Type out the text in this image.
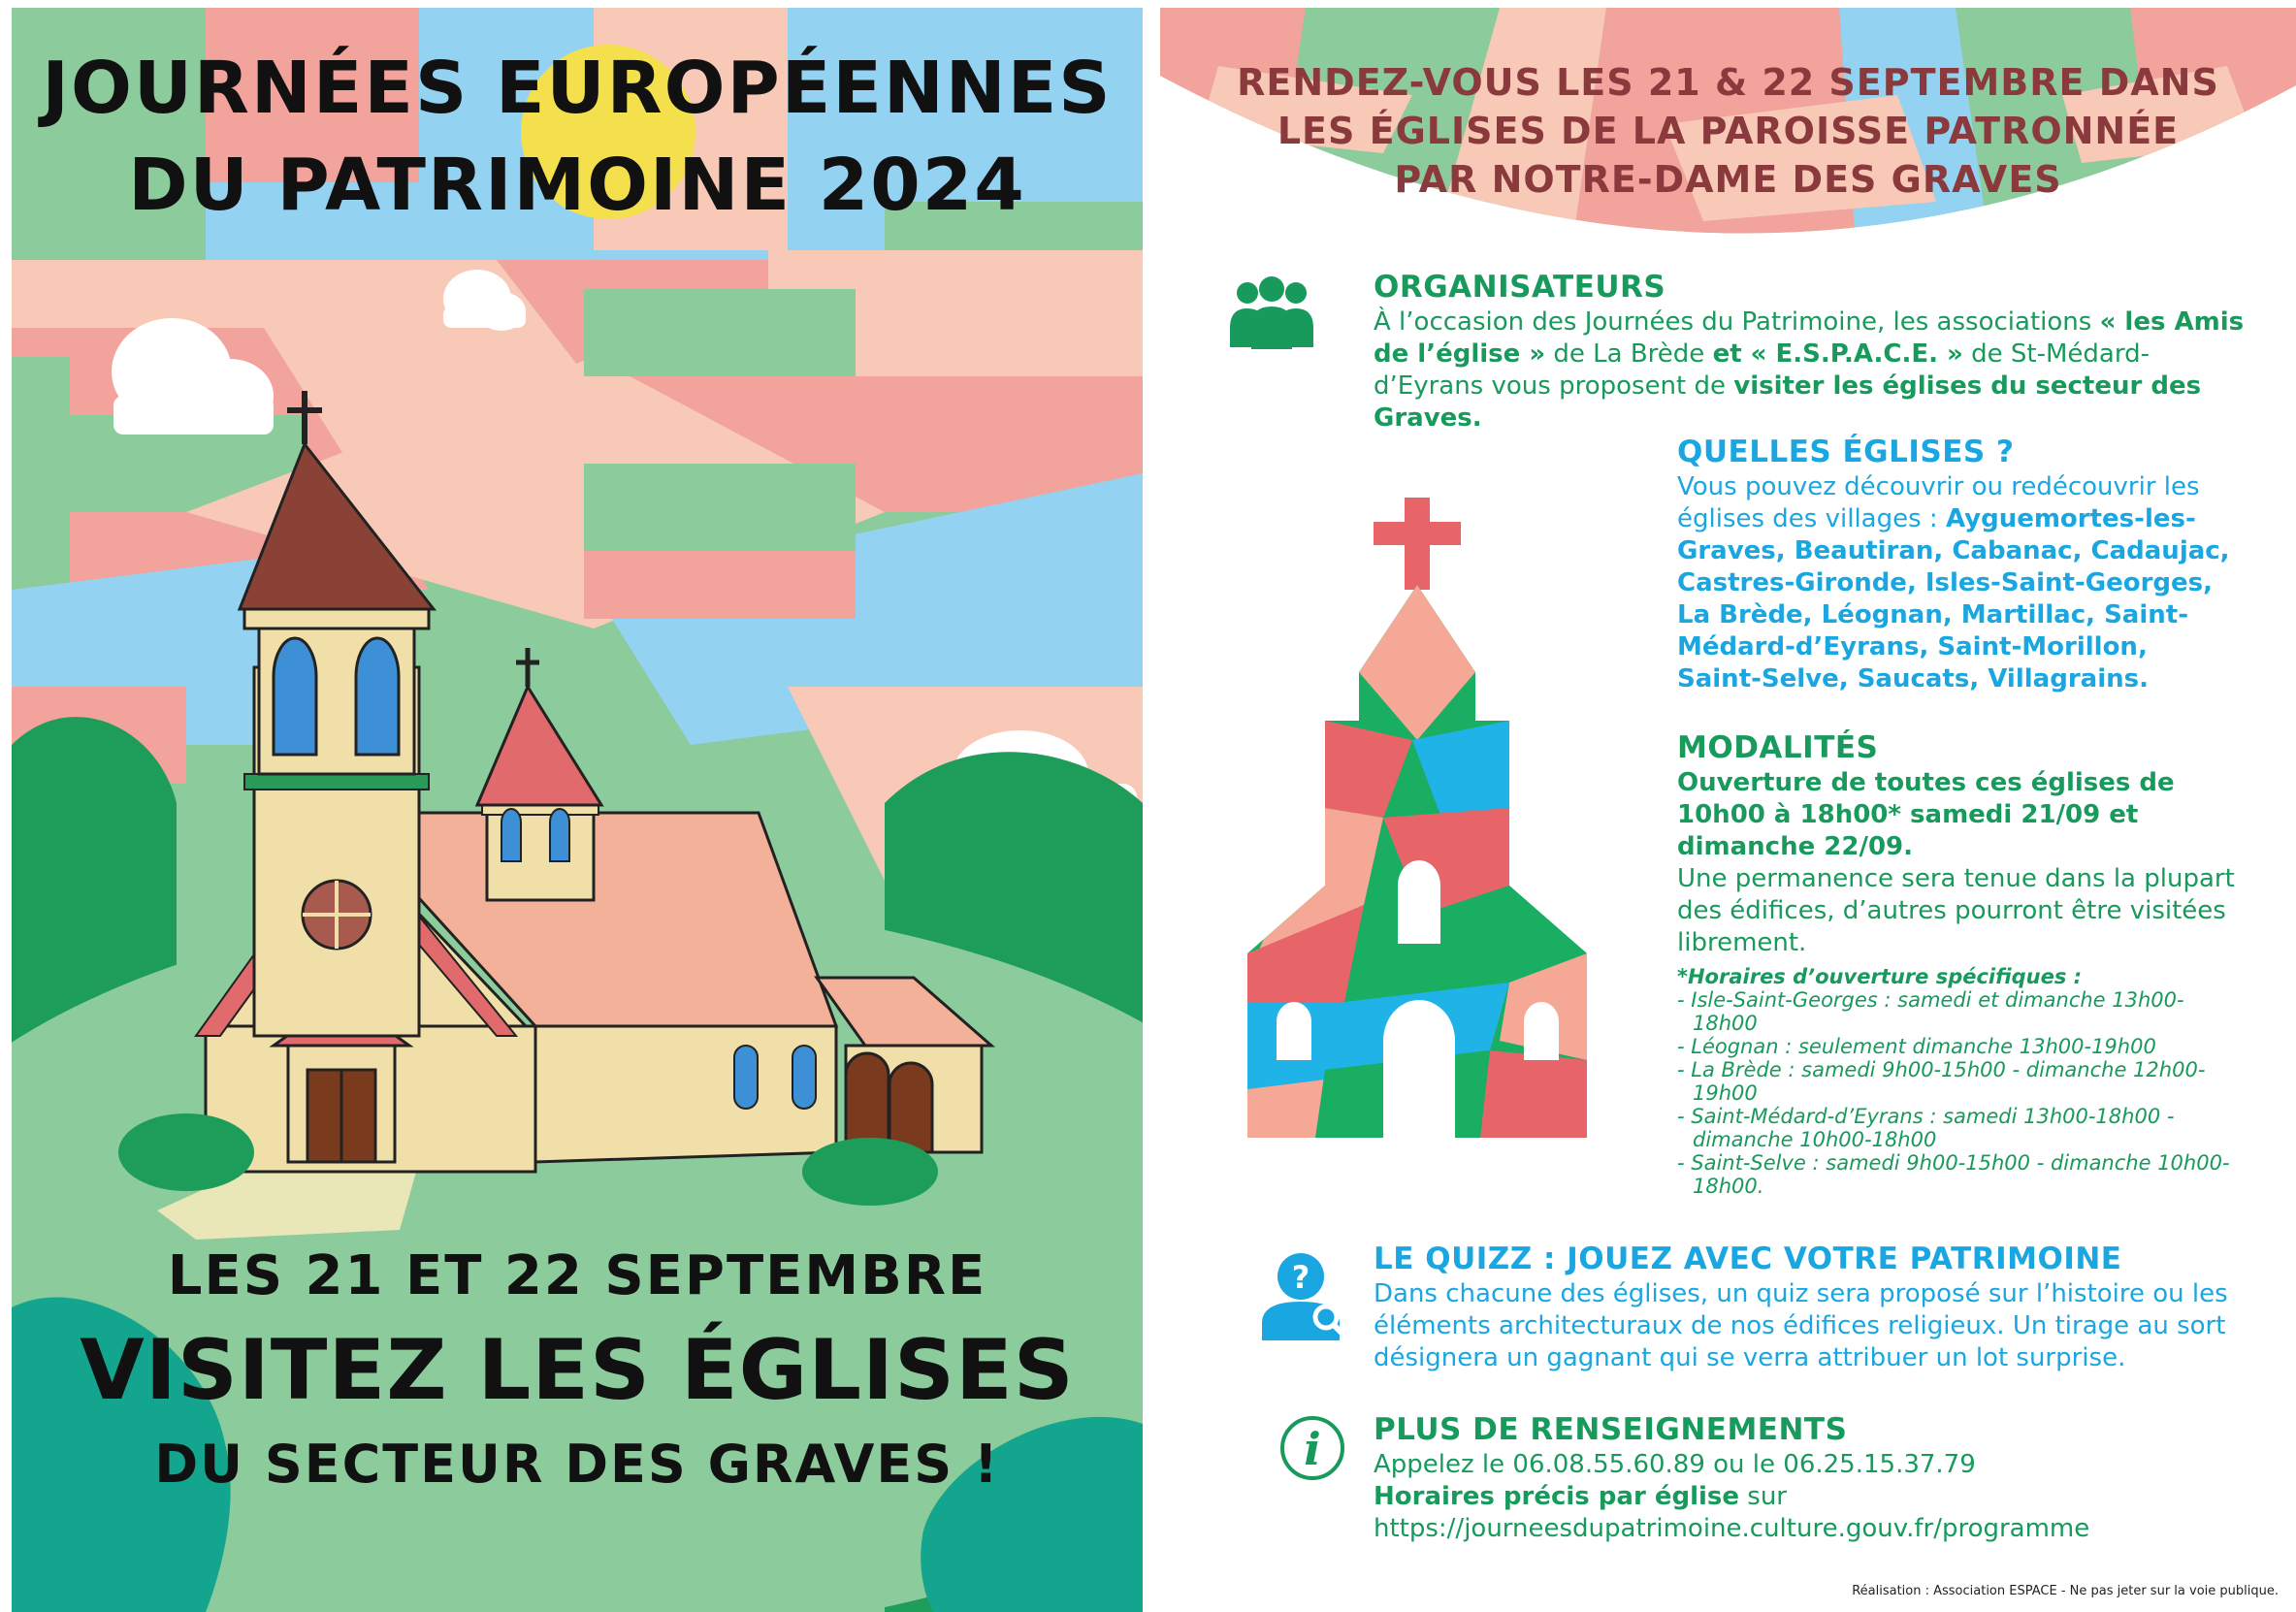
JOURNÉES EUROPÉENNES
DU PATRIMOINE 2024
LES 21 ET 22 SEPTEMBRE
VISITEZ LES ÉGLISES
DU SECTEUR DES GRAVES !
RENDEZ-VOUS LES 21 & 22 SEPTEMBRE DANS
LES ÉGLISES DE LA PAROISSE PATRONNÉE
PAR NOTRE-DAME DES GRAVES
ORGANISATEURS

À l’occasion des Journées du Patrimoine, les associations « les Amis de l’église » de La Brède et « E.S.P.A.C.E. » de St-Médard-d’Eyrans vous proposent de visiter les églises du secteur des Graves.

QUELLES ÉGLISES ?

Vous pouvez découvrir ou redécouvrir les églises des villages : Ayguemortes-les-Graves, Beautiran, Cabanac, Cadaujac, Castres-Gironde, Isles-Saint-Georges, La Brède, Léognan, Martillac, Saint-Médard-d’Eyrans, Saint-Morillon, Saint-Selve, Saucats, Villagrains.

MODALITÉS

Ouverture de toutes ces églises de 10h00 à 18h00* samedi 21/09 et dimanche 22/09.

Une permanence sera tenue dans la plupart des édifices, d’autres pourront être visitées librement.

*Horaires d’ouverture spécifiques :
- Isle-Saint-Georges : samedi et dimanche 13h00-18h00
- Léognan : seulement dimanche 13h00-19h00
- La Brède : samedi 9h00-15h00 - dimanche 12h00-19h00
- Saint-Médard-d’Eyrans : samedi 13h00-18h00 - dimanche 10h00-18h00
- Saint-Selve : samedi 9h00-15h00 - dimanche 10h00-18h00.
? LE QUIZZ : JOUEZ AVEC VOTRE PATRIMOINE

Dans chacune des églises, un quiz sera proposé sur l’histoire ou les éléments architecturaux de nos édifices religieux. Un tirage au sort désignera un gagnant qui se verra attribuer un lot surprise.

i PLUS DE RENSEIGNEMENTS

Appelez le 06.08.55.60.89 ou le 06.25.15.37.79

Horaires précis par église sur https://journeesdupatrimoine.culture.gouv.fr/programme

Réalisation : Association ESPACE - Ne pas jeter sur la voie publique.
